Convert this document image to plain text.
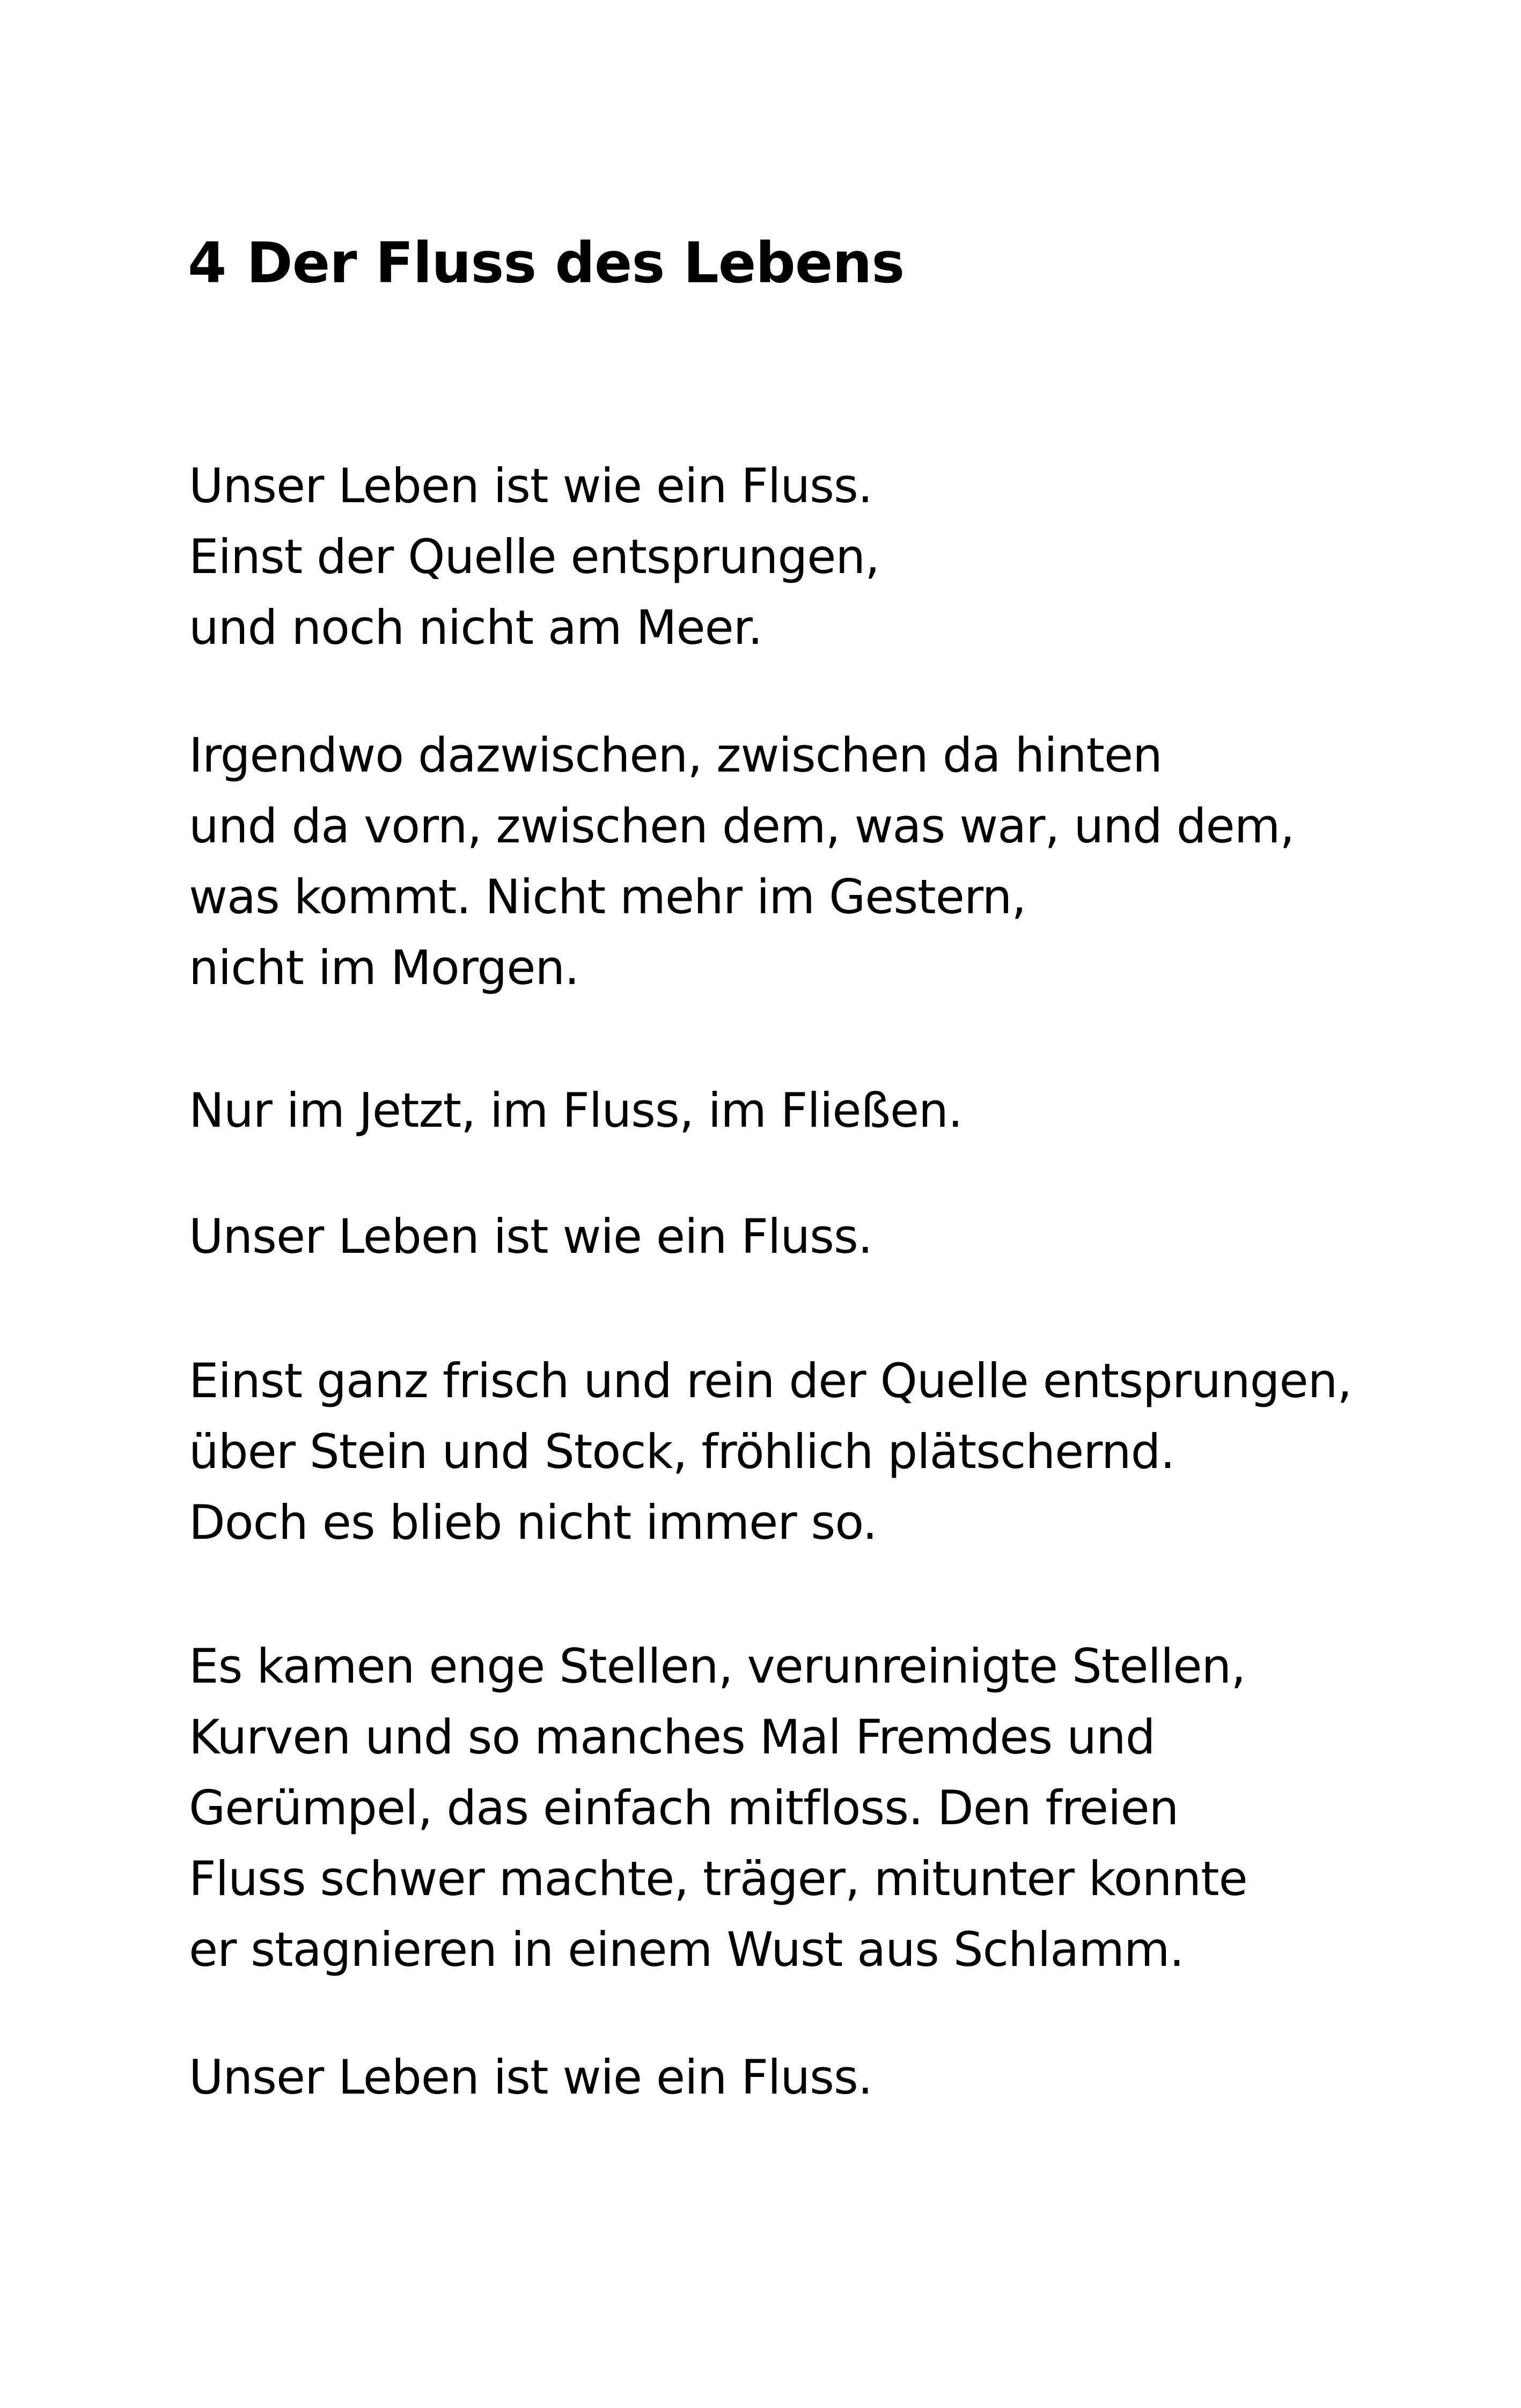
4 Der Fluss des Lebens
Unser Leben ist wie ein Fluss.
Einst der Quelle entsprungen,
und noch nicht am Meer.
Irgendwo dazwischen, zwischen da hinten
und da vorn, zwischen dem, was war, und dem,
was kommt. Nicht mehr im Gestern,
nicht im Morgen.
Nur im Jetzt, im Fluss, im Fließen.
Unser Leben ist wie ein Fluss.
Einst ganz frisch und rein der Quelle entsprungen,
über Stein und Stock, fröhlich plätschernd.
Doch es blieb nicht immer so.
Es kamen enge Stellen, verunreinigte Stellen,
Kurven und so manches Mal Fremdes und
Gerümpel, das einfach mitfloss. Den freien
Fluss schwer machte, träger, mitunter konnte
er stagnieren in einem Wust aus Schlamm.
Unser Leben ist wie ein Fluss.
